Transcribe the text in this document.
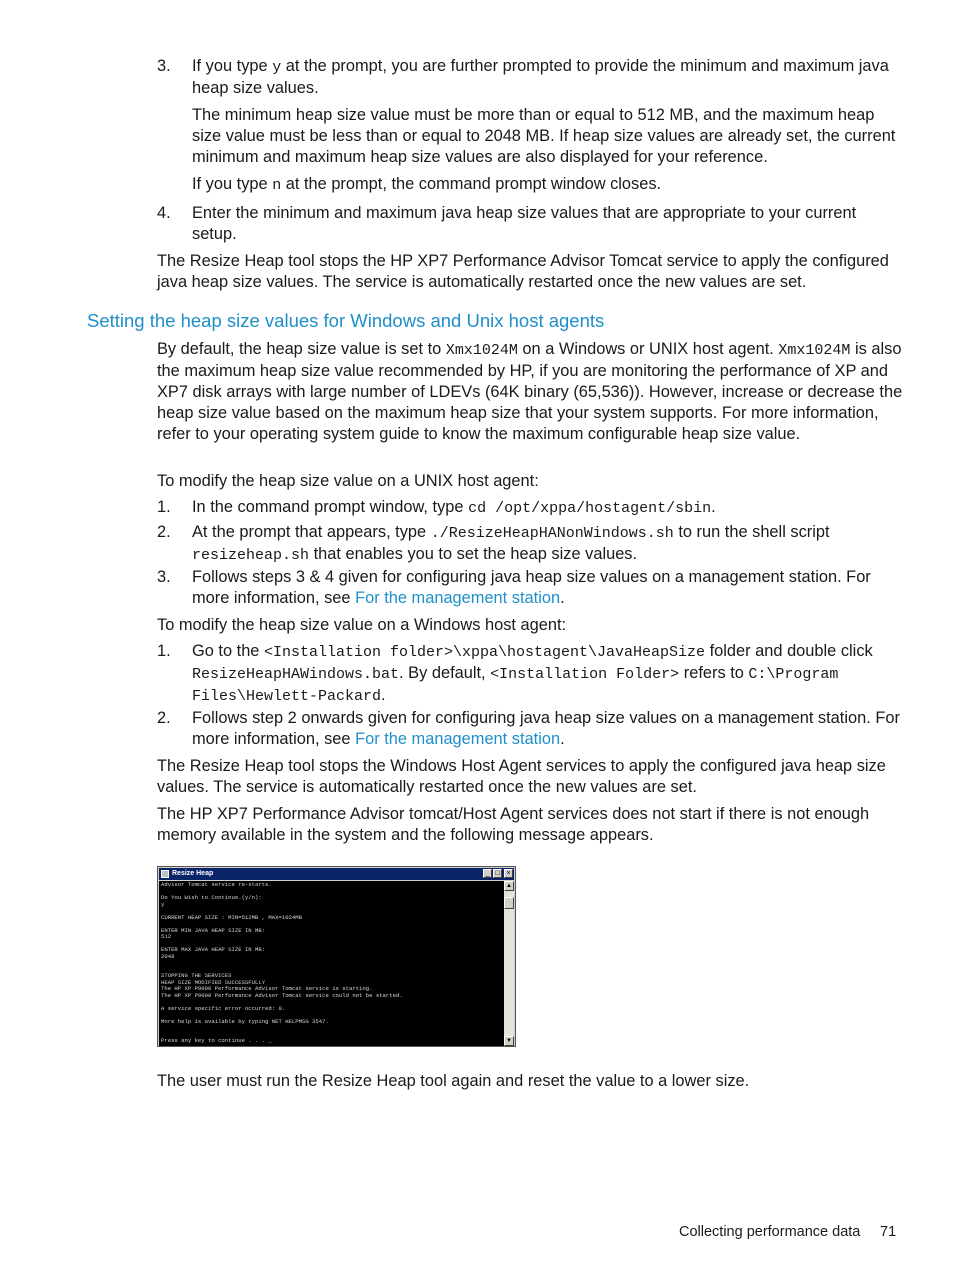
3.	If you type y at the prompt, you are further prompted to provide the minimum and maximum java heap size values.

The minimum heap size value must be more than or equal to 512 MB, and the maximum heap size value must be less than or equal to 2048 MB. If heap size values are already set, the current minimum and maximum heap size values are also displayed for your reference.

If you type n at the prompt, the command prompt window closes.

4.	Enter the minimum and maximum java heap size values that are appropriate to your current setup.

The Resize Heap tool stops the HP XP7 Performance Advisor Tomcat service to apply the configured java heap size values. The service is automatically restarted once the new values are set.

Setting the heap size values for Windows and Unix host agents

By default, the heap size value is set to Xmx1024M on a Windows or UNIX host agent. Xmx1024M is also the maximum heap size value recommended by HP, if you are monitoring the performance of XP and XP7 disk arrays with large number of LDEVs (64K binary (65,536)). However, increase or decrease the heap size value based on the maximum heap size that your system supports. For more information, refer to your operating system guide to know the maximum configurable heap size value.

To modify the heap size value on a UNIX host agent:

1.	In the command prompt window, type cd /opt/xppa/hostagent/sbin.

2.	At the prompt that appears, type ./ResizeHeapHANonWindows.sh to run the shell script resizeheap.sh that enables you to set the heap size values.

3.	Follows steps 3 & 4 given for configuring java heap size values on a management station. For more information, see For the management station.

To modify the heap size value on a Windows host agent:

1.	Go to the <Installation folder>\xppa\hostagent\JavaHeapSize folder and double click ResizeHeapHAWindows.bat. By default, <Installation Folder> refers to C:\Program Files\Hewlett-Packard.

2.	Follows step 2 onwards given for configuring java heap size values on a management station. For more information, see For the management station.

The Resize Heap tool stops the Windows Host Agent services to apply the configured java heap size values. The service is automatically restarted once the new values are set.

The HP XP7 Performance Advisor tomcat/Host Agent services does not start if there is not enough memory available in the system and the following message appears.

Resize Heap	_ □ ×
Advisor Tomcat service re-starts.

Do You Wish to Continue.(y/n):
y

CURRENT HEAP SIZE : MIN=512MB , MAX=1024MB

ENTER MIN JAVA HEAP SIZE IN MB:
512

ENTER MAX JAVA HEAP SIZE IN MB:
2048

STOPPING THE SERVICES
HEAP SIZE MODIFIED SUCCESSFULLY
The HP XP P9000 Performance Advisor Tomcat service is starting.
The HP XP P9000 Performance Advisor Tomcat service could not be started.

A service specific error occurred: 0.

More help is available by typing NET HELPMSG 3547.

Press any key to continue . . . _
▲
▼

The user must run the Resize Heap tool again and reset the value to a lower size.

Collecting performance data 71
